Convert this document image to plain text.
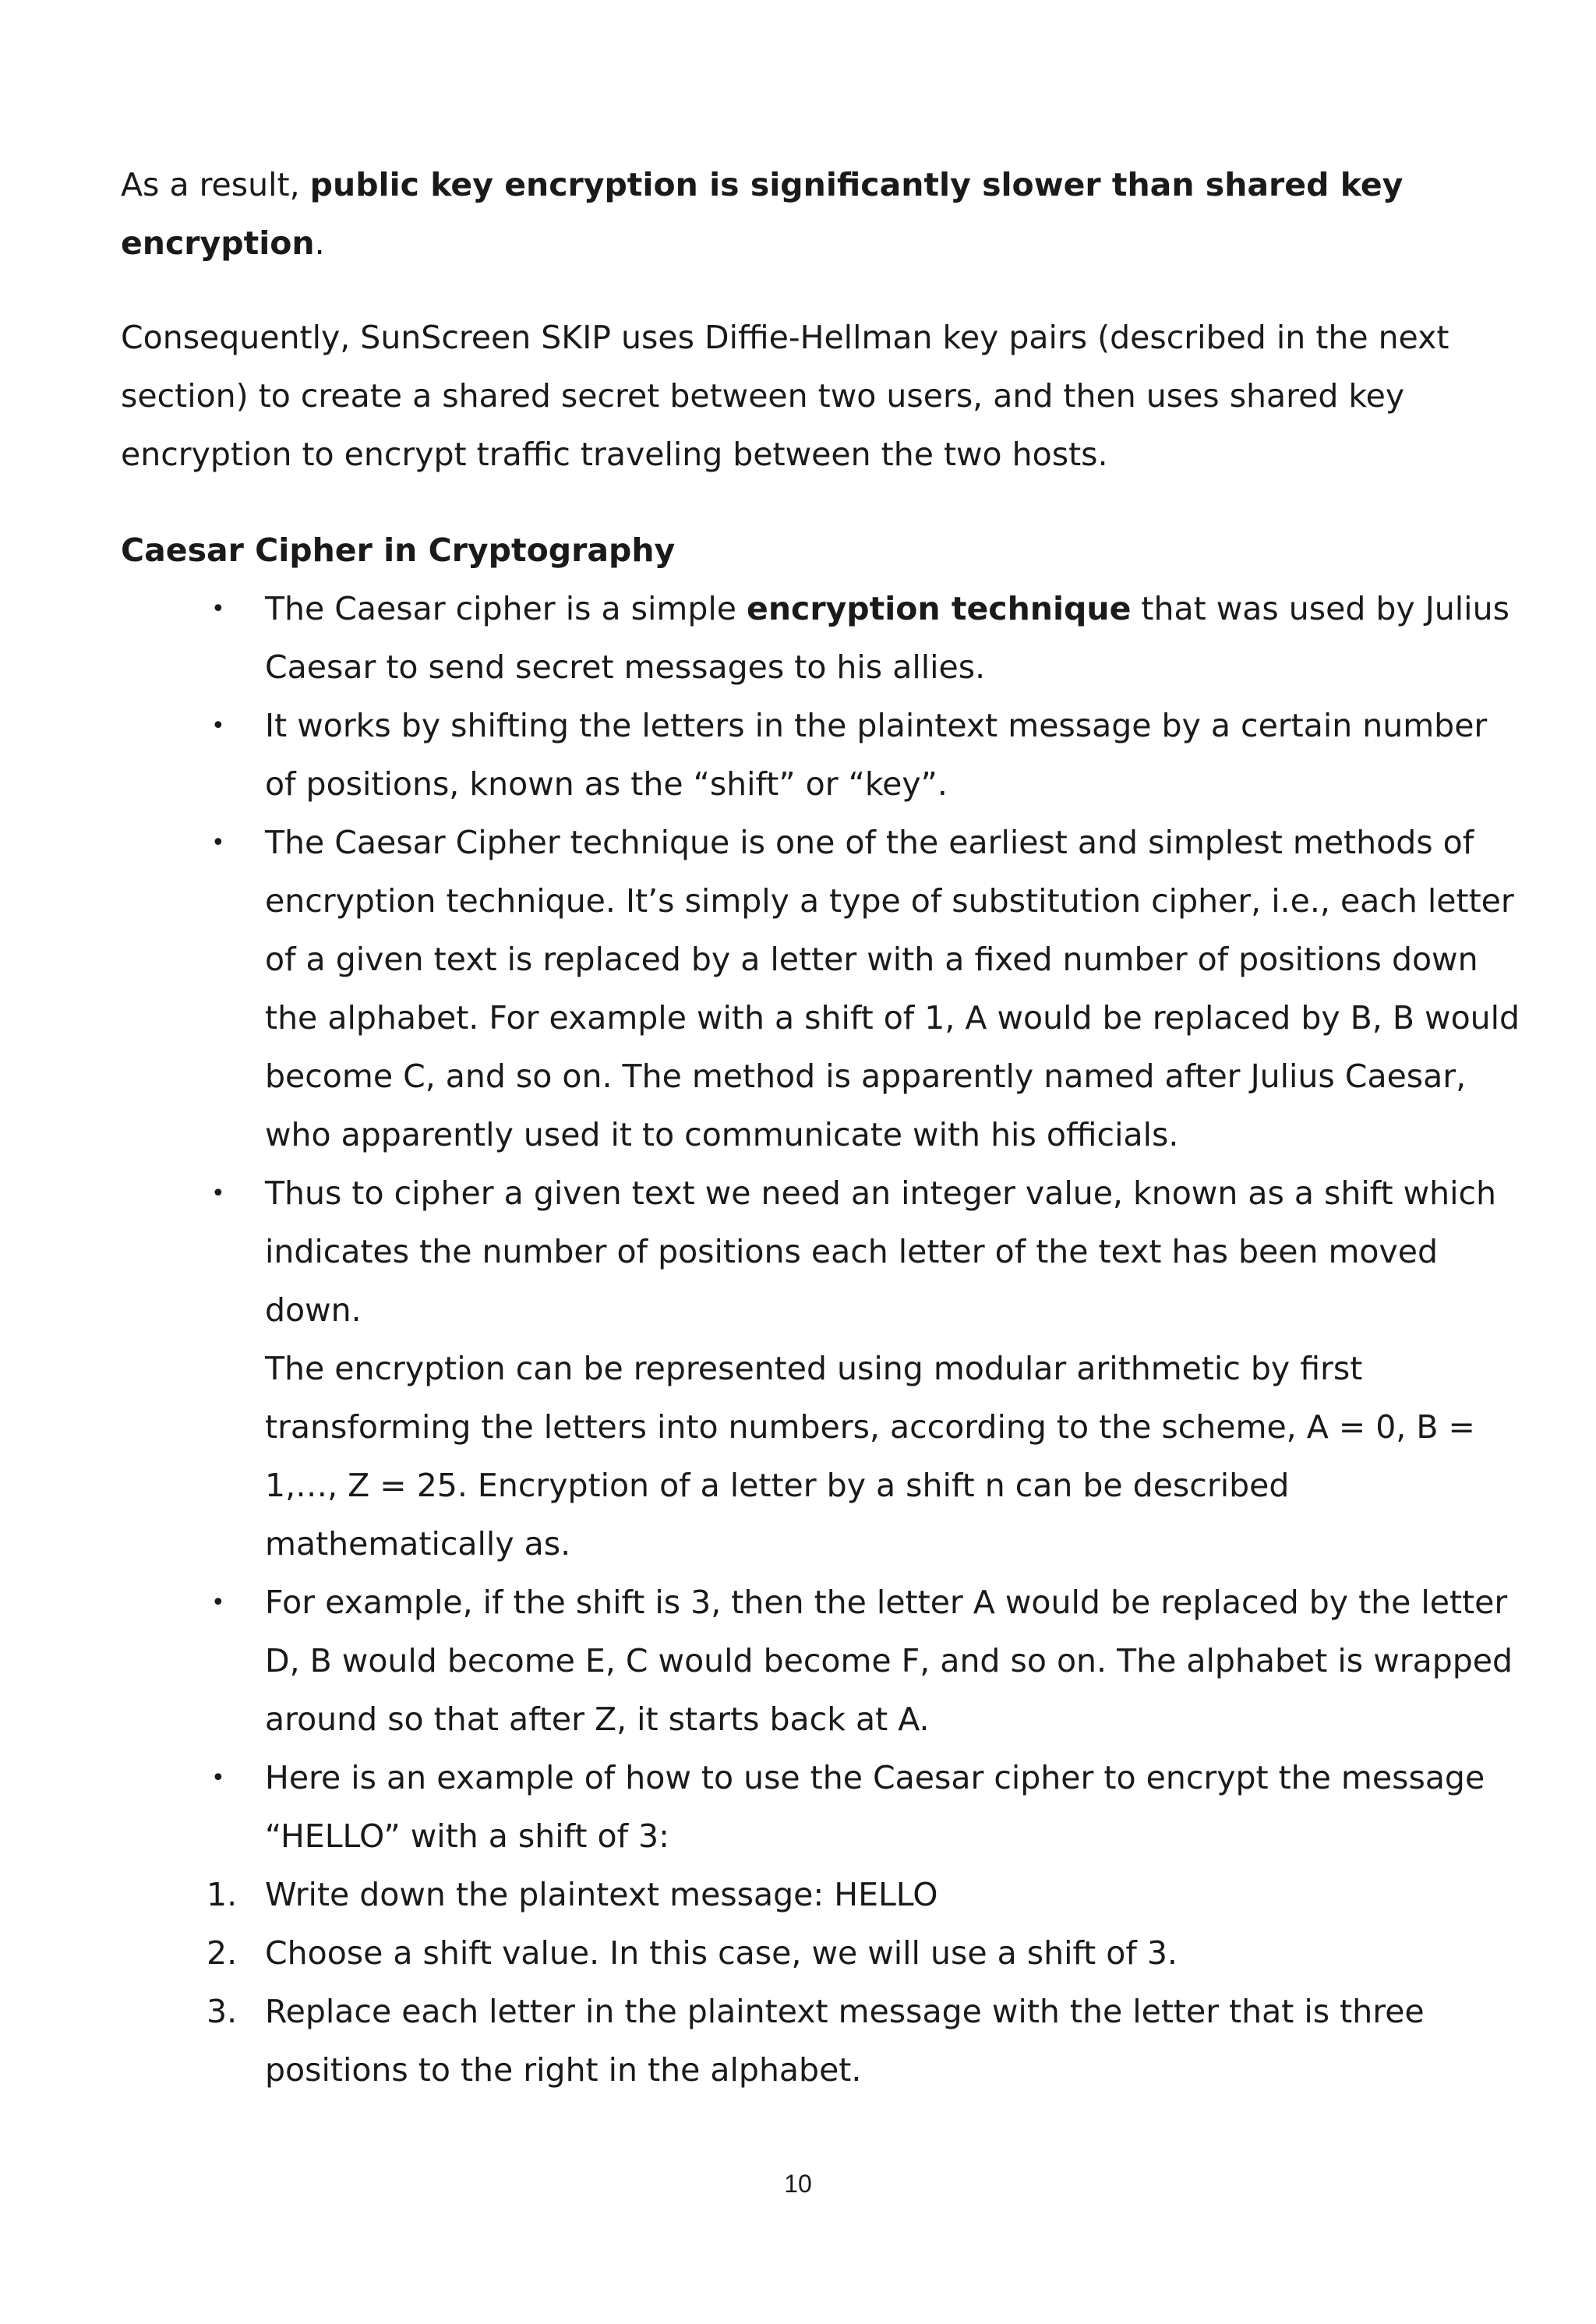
As a result, public key encryption is significantly slower than shared key encryption.

Consequently, SunScreen SKIP uses Diffie-Hellman key pairs (described in the next section) to create a shared secret between two users, and then uses shared key encryption to encrypt traffic traveling between the two hosts.

Caesar Cipher in Cryptography

• The Caesar cipher is a simple encryption technique that was used by Julius Caesar to send secret messages to his allies.
• It works by shifting the letters in the plaintext message by a certain number of positions, known as the “shift” or “key”.
• The Caesar Cipher technique is one of the earliest and simplest methods of encryption technique. It’s simply a type of substitution cipher, i.e., each letter of a given text is replaced by a letter with a fixed number of positions down the alphabet. For example with a shift of 1, A would be replaced by B, B would become C, and so on. The method is apparently named after Julius Caesar, who apparently used it to communicate with his officials.
• Thus to cipher a given text we need an integer value, known as a shift which indicates the number of positions each letter of the text has been moved down.

The encryption can be represented using modular arithmetic by first transforming the letters into numbers, according to the scheme, A = 0, B = 1,…, Z = 25. Encryption of a letter by a shift n can be described mathematically as.

• For example, if the shift is 3, then the letter A would be replaced by the letter D, B would become E, C would become F, and so on. The alphabet is wrapped around so that after Z, it starts back at A.
• Here is an example of how to use the Caesar cipher to encrypt the message “HELLO” with a shift of 3:
1. Write down the plaintext message: HELLO
2. Choose a shift value. In this case, we will use a shift of 3.
3. Replace each letter in the plaintext message with the letter that is three positions to the right in the alphabet.
10
